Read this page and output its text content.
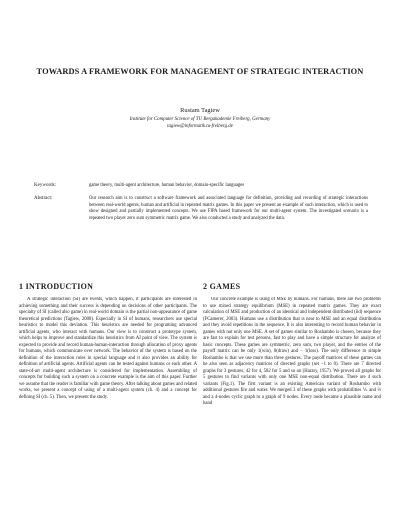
TOWARDS A FRAMEWORK FOR MANAGEMENT OF STRATEGIC INTERACTION
Rustam Tagiew
Institute for Computer Science of TU Bergakademie Freiberg, Germany
tagiew@informatik.tu-freiberg.de
Keywords:	game theory, multi-agent architecture, human behavior, domain-specific languages
Abstract:	Our research aim is to construct a software framework and associated language for definition, providing and recording of strategic interactions between real-world agents, human and artificial in repeated matrix games. In this paper we present an example of such interaction, which is used to show designed and partially implemented concepts. We use FIPA based framework for our multi-agent system. The investigated scenario is a repeated two player zero sum symmetric matrix game. We also conducted a study and analyzed the data.
1 INTRODUCTION
A strategic interaction (SI) are events, which happen, if participants are interested in achieving something and their success is depending on decisions of other participants. The specialty of SI (called also game) in real-world domain is the partial non-appearance of game theoretical predictions (Tagiew, 2008). Especially in SI of humans, researchers use special heuristics to model this deviation. This heuristics are needed for programing advanced artificial agents, who interact with humans. Our view is to construct a prototype system, which helps to improve and standardize this heuristics from AI point of view. The system is expected to provide and record human-human-interaction through allocation of proxy agents for humans, which communicate over network. The behavior of the system is based on the definition of the interaction rules in special language and it also provides an ability for definition of artificial agents. Artificial agents can be tested against humans or each other. A state-of-art multi-agent architecture is considered for implementation. Assembling of concepts for building such a system on a concrete example is the aim of this paper. Further we assume that the reader is familiar with game theory. After talking about games and related works, we present a concept of using of a multi-agent system (ch. 4) and a concept for defining SI (ch. 5). Then, we present the study.
2 GAMES
Our concrete example is using of MSE by humans. For humans, there are two problems to use mixed strategy equilibrium (MSE) in repeated matrix games. They are exact calculation of MSE and production of an identical and independent distributed (iid) sequence (FCamerer, 2003). Humans use a distribution that is near to MSE and an equal distribution and they avoid repetitions in the sequence. It is also interesting to record human behavior in games with not only one MSE. A set of games similar to Roshambo is chosen, because they are fast to explain for test persons, fast to play and have a simple structure for analyze of basic concepts. These games are symmetric, zero sum, two player, and the entries of the payoff matrix can be only 1(win), 0(draw) and − 1(loss). The only difference to simple Roshambo is that we use more than three gestures. The payoff matrices of these games can be also seen as adjacency matrices of directed graphs (set −1 to 0). There are 7 directed graphs for 3 gestures, 42 for 4, 582 for 5 and so on (Harary, 1957). We proved all graphs for 5 gestures to find variants with only one MSE non-equal distribution. There are 4 such variants (Fig.1). The first variant is an existing American variant of Roshambo with additional gestures fire and water. We merged 3 of these graphs with probabilities ⅑ and ⅓ and a 4-nodes cyclic graph to a graph of 9 nodes. Every node became a plausible name and hand
